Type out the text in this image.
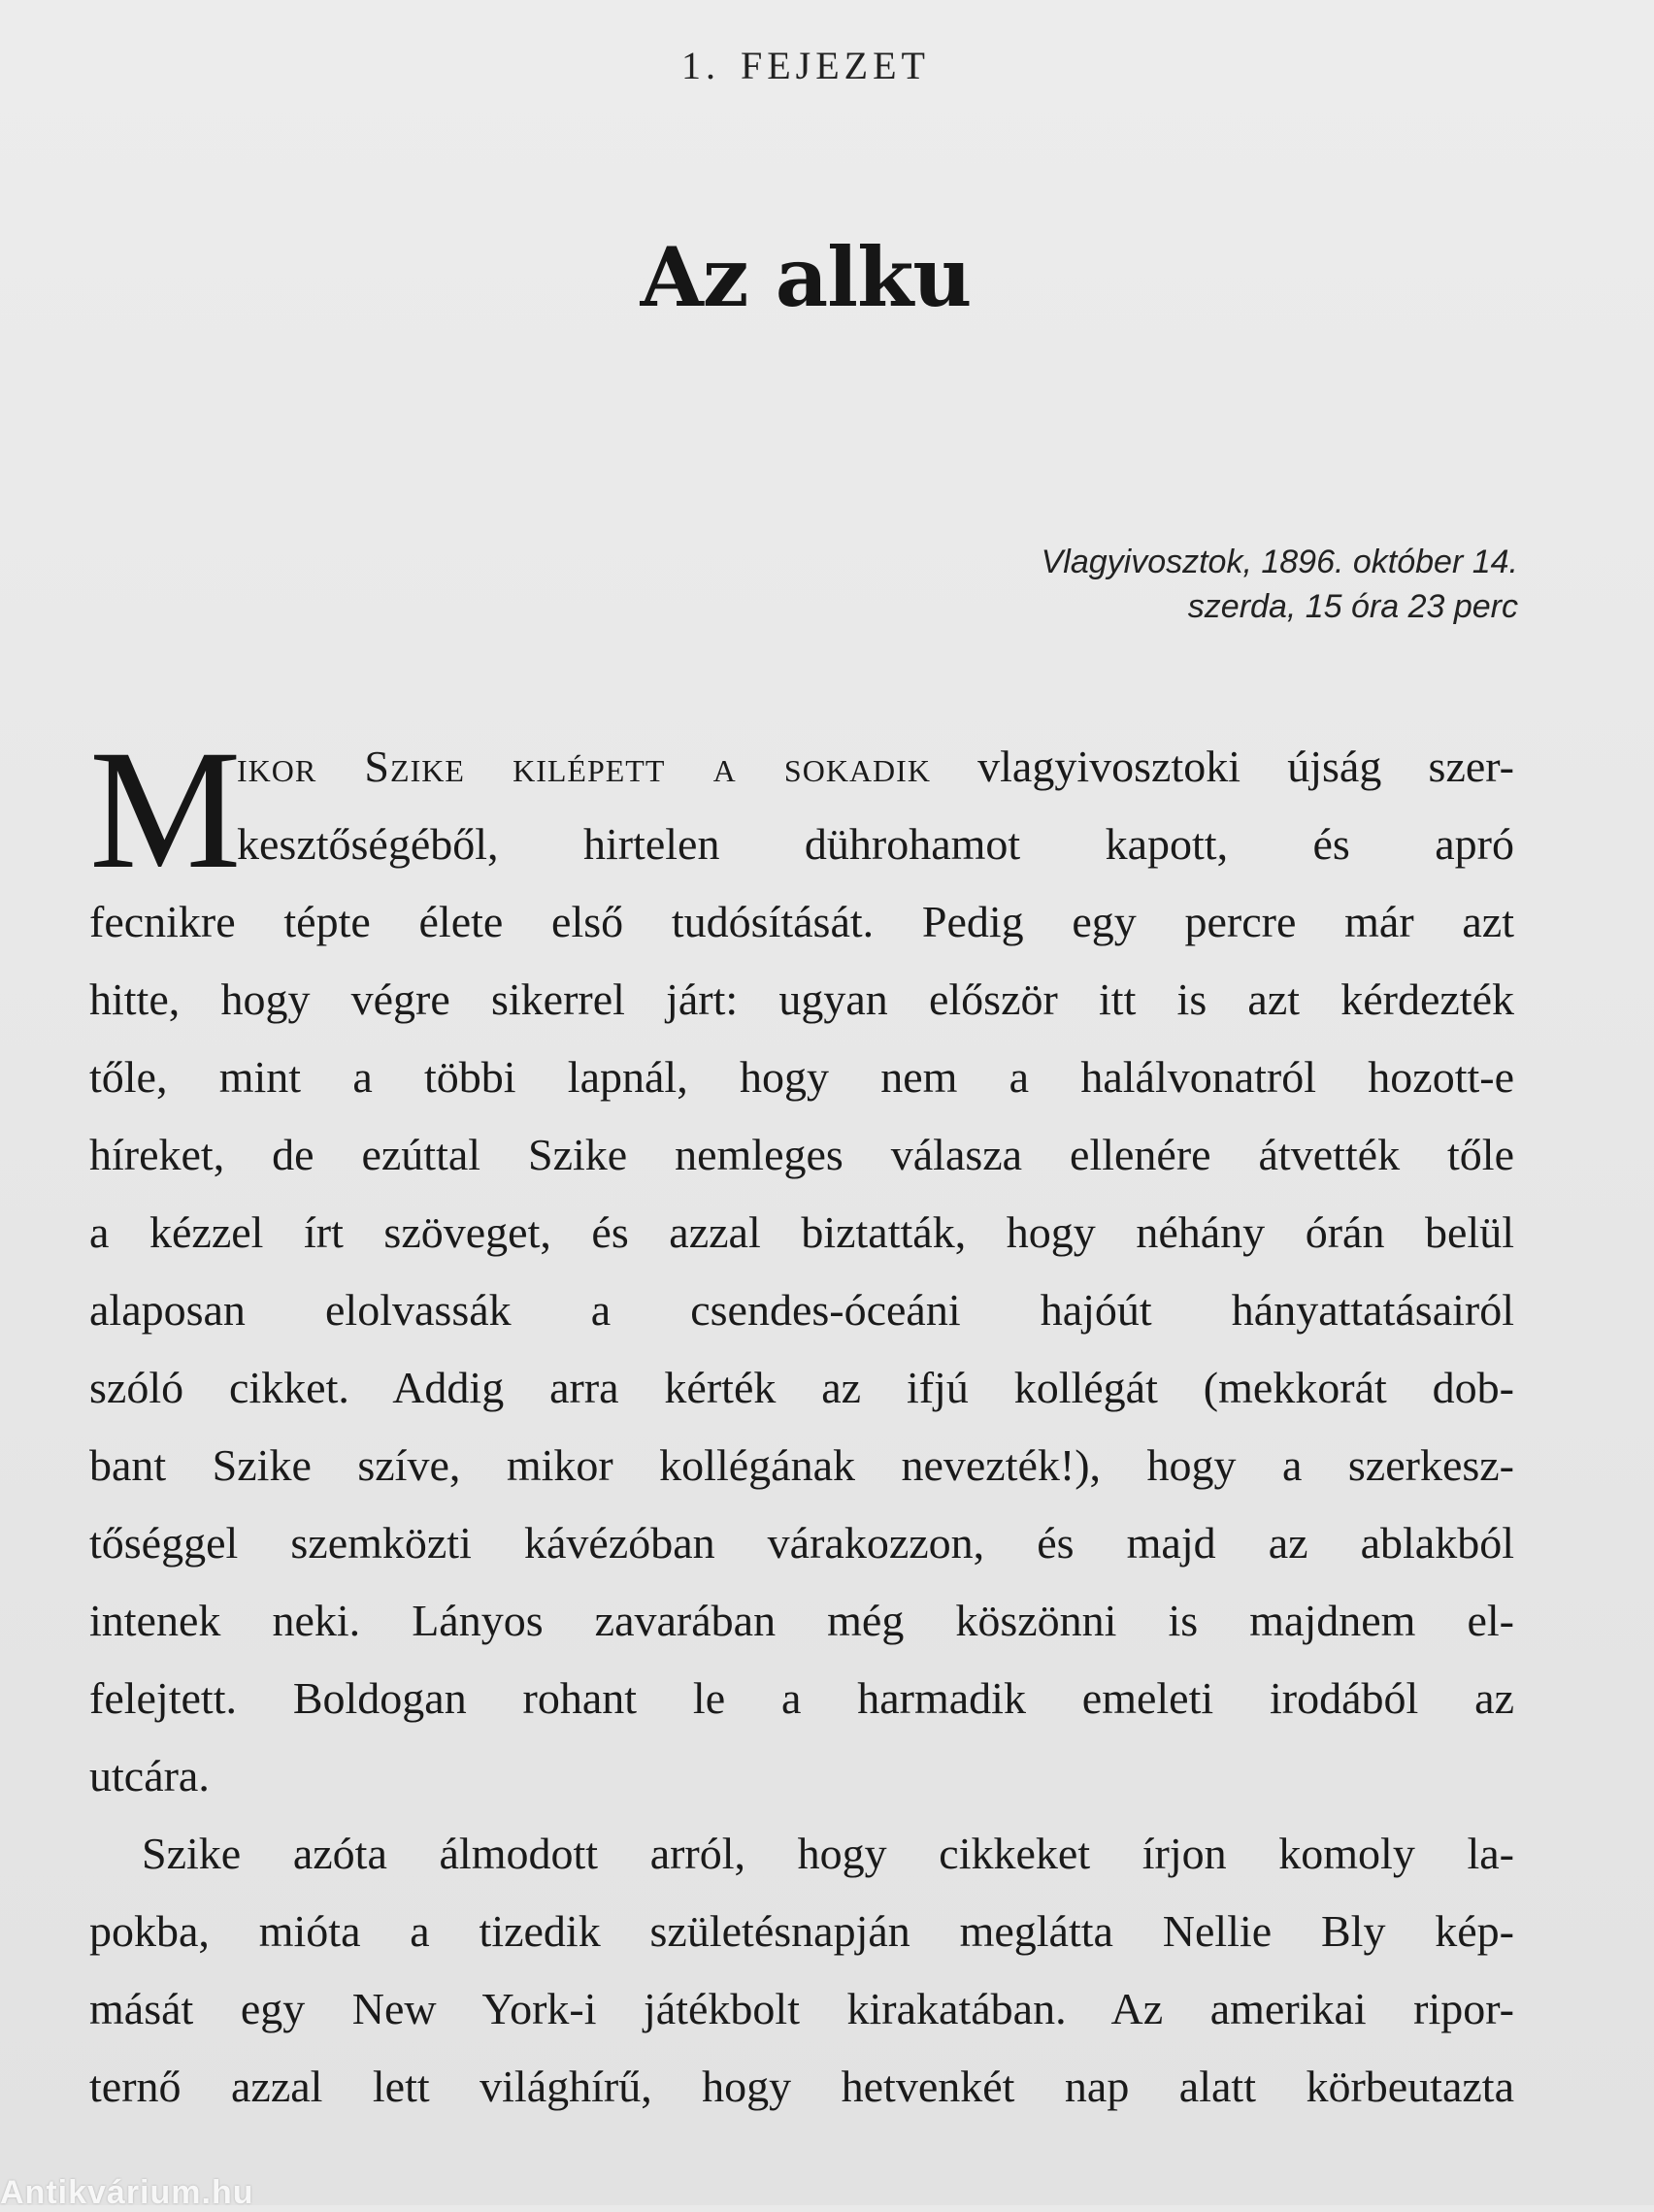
1. FEJEZET
Az alku
Vlagyivosztok, 1896. október 14.
szerda, 15 óra 23 perc
M
ikor Szike kilépett a sokadik vlagyivosztoki újság szer-
kesztőségéből, hirtelen dührohamot kapott, és apró
fecnikre tépte élete első tudósítását. Pedig egy percre már azt
hitte, hogy végre sikerrel járt: ugyan először itt is azt kérdezték
tőle, mint a többi lapnál, hogy nem a halálvonatról hozott-e
híreket, de ezúttal Szike nemleges válasza ellenére átvették tőle
a kézzel írt szöveget, és azzal biztatták, hogy néhány órán belül
alaposan elolvassák a csendes-óceáni hajóút hányattatásairól
szóló cikket. Addig arra kérték az ifjú kollégát (mekkorát dob-
bant Szike szíve, mikor kollégának nevezték!), hogy a szerkesz-
tőséggel szemközti kávézóban várakozzon, és majd az ablakból
intenek neki. Lányos zavarában még köszönni is majdnem el-
felejtett. Boldogan rohant le a harmadik emeleti irodából az
utcára.
Szike azóta álmodott arról, hogy cikkeket írjon komoly la-
pokba, mióta a tizedik születésnapján meglátta Nellie Bly kép-
mását egy New York-i játékbolt kirakatában. Az amerikai ripor-
ternő azzal lett világhírű, hogy hetvenkét nap alatt körbeutazta
Antikvárium.hu
